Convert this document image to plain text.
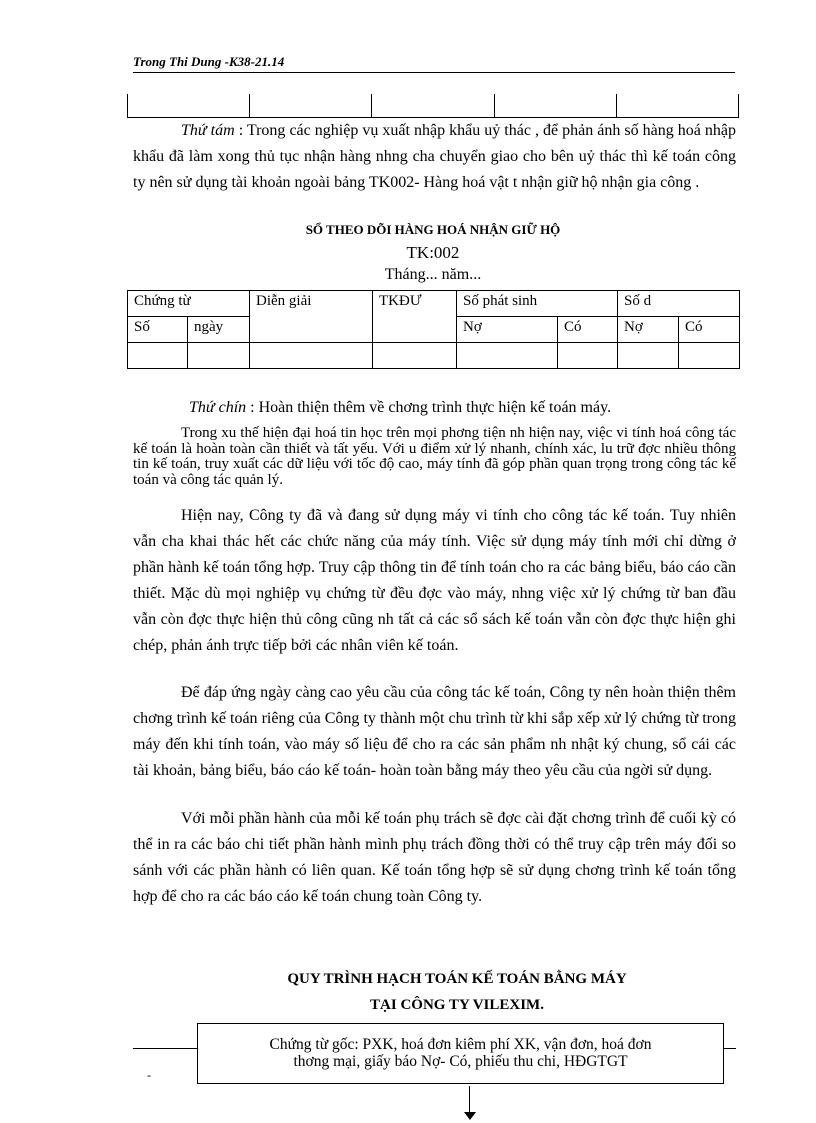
Trong Thi Dung -K38-21.14

Thứ tám : Trong các nghiệp vụ xuất nhập khẩu uỷ thác , để phản ánh số hàng hoá nhập khẩu đã làm xong thủ tục nhận hàng nhng cha chuyển giao cho bên uỷ thác thì kế toán công ty nên sử dụng tài khoản ngoài bảng TK002- Hàng hoá vật t nhận giữ hộ nhận gia công .

SỔ THEO DÕI HÀNG HOÁ NHẬN GIỮ HỘ

TK:002

Tháng... năm...

Chứng từ		Diễn giải	TKĐƯ	Số phát sinh		Số d	
Số	ngày			Nợ	Có	Nợ	Có

Thứ chín : Hoàn thiện thêm về chơng trình thực hiện kế toán máy.

Trong xu thế hiện đại hoá tin học trên mọi phơng tiện nh hiện nay, việc vi tính hoá công tác kế toán là hoàn toàn cần thiết và tất yếu. Với u điểm xử lý nhanh, chính xác, lu trữ đợc nhiều thông tin kế toán, truy xuất các dữ liệu với tốc độ cao, máy tính đã góp phần quan trọng trong công tác kế toán và công tác quản lý.

Hiện nay, Công ty đã và đang sử dụng máy vi tính cho công tác kế toán. Tuy nhiên vẫn cha khai thác hết các chức năng của máy tính. Việc sử dụng máy tính mới chỉ dừng ở phần hành kế toán tổng hợp. Truy cập thông tin để tính toán cho ra các bảng biểu, báo cáo cần thiết. Mặc dù mọi nghiệp vụ chứng từ đều đợc vào máy, nhng việc xử lý chứng từ ban đầu vẫn còn đợc thực hiện thủ công cũng nh tất cả các sổ sách kế toán vẫn còn đợc thực hiện ghi chép, phản ánh trực tiếp bởi các nhân viên kế toán.

Để đáp ứng ngày càng cao yêu cầu của công tác kế toán, Công ty nên hoàn thiện thêm chơng trình kế toán riêng của Công ty thành một chu trình từ khi sắp xếp xử lý chứng từ trong máy đến khi tính toán, vào máy số liệu để cho ra các sản phẩm nh nhật ký chung, sổ cái các tài khoản, bảng biểu, báo cáo kế toán- hoàn toàn bằng máy theo yêu cầu của ngời sử dụng.

Với mỗi phần hành của mỗi kế toán phụ trách sẽ đợc cài đặt chơng trình để cuối kỳ có thể in ra các báo chi tiết phần hành mình phụ trách đồng thời có thể truy cập trên máy đối so sánh với các phần hành có liên quan. Kế toán tổng hợp sẽ sử dụng chơng trình kế toán tổng hợp để cho ra các báo cáo kế toán chung toàn Công ty.

QUY TRÌNH HẠCH TOÁN KẾ TOÁN BẰNG MÁY

TẠI CÔNG TY VILEXIM.

Chứng từ gốc: PXK, hoá đơn kiêm phí XK, vận đơn, hoá đơn
thơng mại, giấy báo Nợ- Có, phiếu thu chi, HĐGTGT
-
